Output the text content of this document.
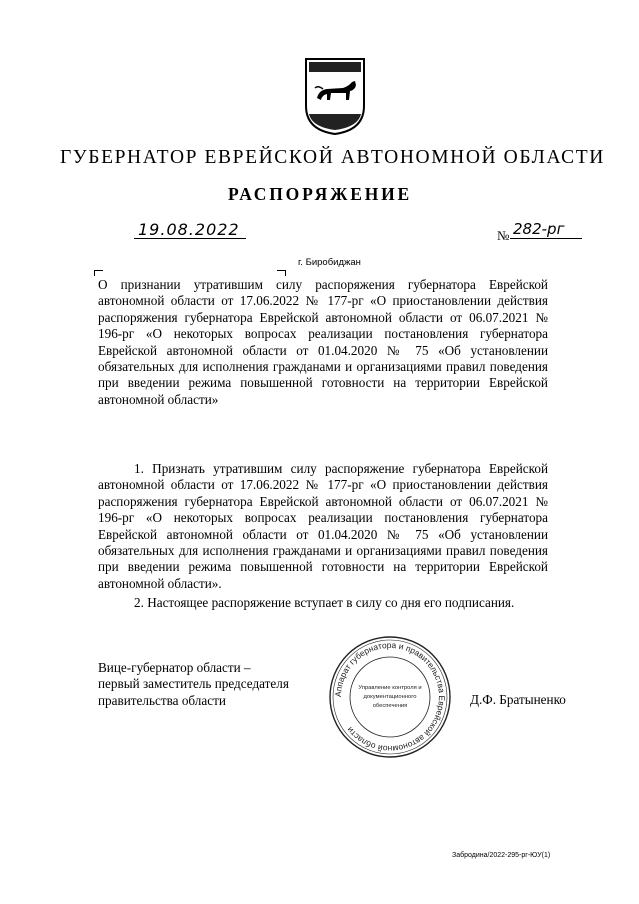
ГУБЕРНАТОР ЕВРЕЙСКОЙ АВТОНОМНОЙ ОБЛАСТИ
РАСПОРЯЖЕНИЕ
19.08.2022	№ 282-рг
г. Биробиджан
О признании утратившим силу распоряжения губернатора Еврейской автономной области от 17.06.2022 № 177-рг «О приостановлении действия распоряжения губернатора Еврейской автономной области от 06.07.2021 № 196-рг «О некоторых вопросах реализации постановления губернатора Еврейской автономной области от 01.04.2020 № 75 «Об установлении обязательных для исполнения гражданами и организациями правил поведения при введении режима повышенной готовности на территории Еврейской автономной области»
1. Признать утратившим силу распоряжение губернатора Еврейской автономной области от 17.06.2022 № 177-рг «О приостановлении действия распоряжения губернатора Еврейской автономной области от 06.07.2021 № 196-рг «О некоторых вопросах реализации постановления губернатора Еврейской автономной области от 01.04.2020 № 75 «Об установлении обязательных для исполнения гражданами и организациями правил поведения при введении режима повышенной готовности на территории Еврейской автономной области».
2. Настоящее распоряжение вступает в силу со дня его подписания.
Вице-губернатор области –
первый заместитель председателя
правительства области	Аппарат губернатора и правительства Еврейской автономной области
Управление контроля и
документационного
обеспечения	Д.Ф. Братыненко
Забродина/2022-295-рг-ЮУ(1)
